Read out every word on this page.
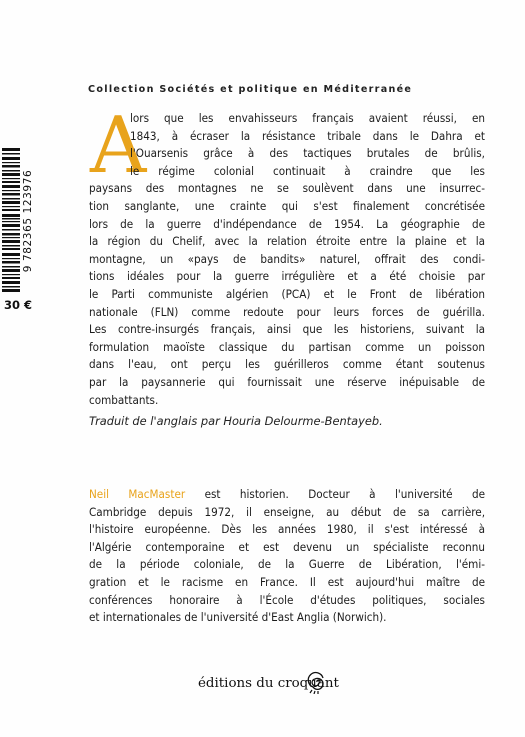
Collection Sociétés et politique en Méditerranée
9 782365 123976
30 €
A
lors que les envahisseurs français avaient réussi, en
1843, à écraser la résistance tribale dans le Dahra et
l'Ouarsenis grâce à des tactiques brutales de brûlis,
le régime colonial continuait à craindre que les
paysans des montagnes ne se soulèvent dans une insurrec-
tion sanglante, une crainte qui s'est finalement concrétisée
lors de la guerre d'indépendance de 1954. La géographie de
la région du Chelif, avec la relation étroite entre la plaine et la
montagne, un «pays de bandits» naturel, offrait des condi-
tions idéales pour la guerre irrégulière et a été choisie par
le Parti communiste algérien (PCA) et le Front de libération
nationale (FLN) comme redoute pour leurs forces de guérilla.
Les contre-insurgés français, ainsi que les historiens, suivant la
formulation maoïste classique du partisan comme un poisson
dans l'eau, ont perçu les guérilleros comme étant soutenus
par la paysannerie qui fournissait une réserve inépuisable de
combattants.
Traduit de l'anglais par Houria Delourme-Bentayeb.
Neil MacMaster est historien. Docteur à l'université de
Cambridge depuis 1972, il enseigne, au début de sa carrière,
l'histoire européenne. Dès les années 1980, il s'est intéressé à
l'Algérie contemporaine et est devenu un spécialiste reconnu
de la période coloniale, de la Guerre de Libération, l'émi-
gration et le racisme en France. Il est aujourd'hui maître de
conférences honoraire à l'École d'études politiques, sociales
et internationales de l'université d'East Anglia (Norwich).
éditions du croquant
